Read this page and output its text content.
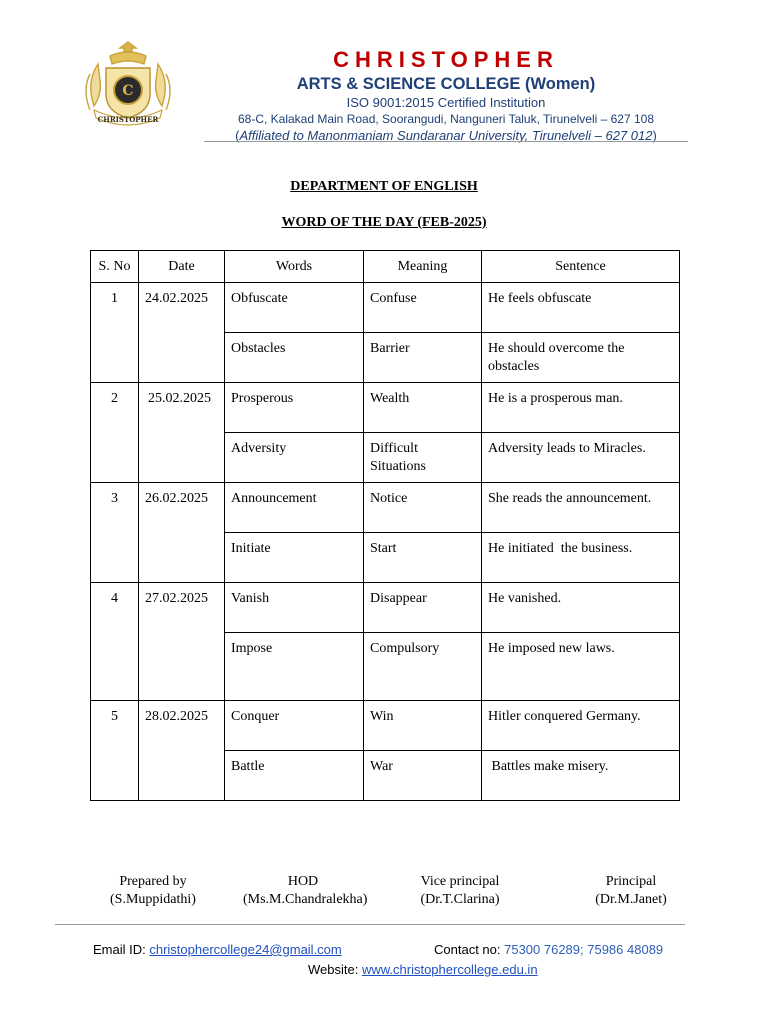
C
CHRISTOPHER
CHRISTOPHER
ARTS & SCIENCE COLLEGE (Women)
ISO 9001:2015 Certified Institution
68-C, Kalakad Main Road, Soorangudi, Nanguneri Taluk, Tirunelveli – 627 108
(Affiliated to Manonmaniam Sundaranar University, Tirunelveli – 627 012)
DEPARTMENT OF ENGLISH
WORD OF THE DAY (FEB-2025)
S. No	Date	Words	Meaning	Sentence

1	24.02.2025	Obfuscate	Confuse	He feels obfuscate

		Obstacles	Barrier	He should overcome the obstacles

2	25.02.2025	Prosperous	Wealth	He is a prosperous man.

		Adversity	Difficult Situations	Adversity leads to Miracles.

3	26.02.2025	Announcement	Notice	She reads the announcement.

		Initiate	Start	He initiated  the business.

4	27.02.2025	Vanish	Disappear	He vanished.

		Impose	Compulsory	He imposed new laws.

5	28.02.2025	Conquer	Win	Hitler conquered Germany.

		Battle	War	Battles make misery.
Prepared by
(S.Muppidathi)
HOD
(Ms.M.Chandralekha)
Vice principal
(Dr.T.Clarina)
Principal
(Dr.M.Janet)
Email ID: christophercollege24@gmail.com	Contact no: 75300 76289; 75986 48089
Website: www.christophercollege.edu.in
